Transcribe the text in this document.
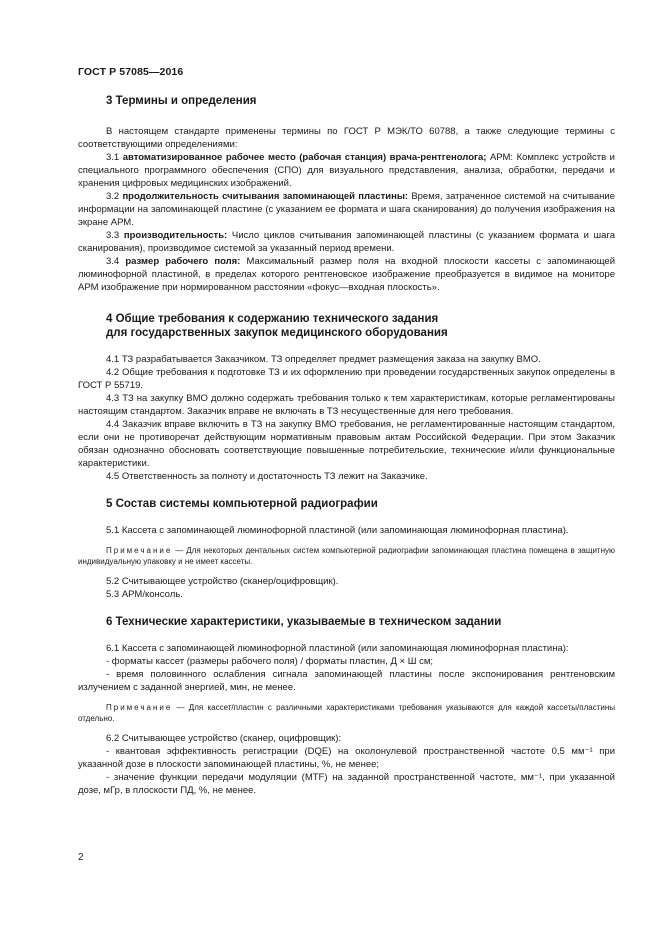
ГОСТ Р 57085—2016
3 Термины и определения

В настоящем стандарте применены термины по ГОСТ Р МЭК/ТО 60788, а также следующие термины с соответствующими определениями:

3.1 автоматизированное рабочее место (рабочая станция) врача-рентгенолога; АРМ: Комплекс устройств и специального программного обеспечения (СПО) для визуального представления, анализа, обработки, передачи и хранения цифровых медицинских изображений.

3.2 продолжительность считывания запоминающей пластины: Время, затраченное системой на считывание информации на запоминающей пластине (с указанием ее формата и шага сканирования) до получения изображения на экране АРМ.

3.3 производительность: Число циклов считывания запоминающей пластины (с указанием формата и шага сканирования), производимое системой за указанный период времени.

3.4 размер рабочего поля: Максимальный размер поля на входной плоскости кассеты с запоминающей люминофорной пластиной, в пределах которого рентгеновское изображение преобразуется в видимое на мониторе АРМ изображение при нормированном расстоянии «фокус—входная плоскость».

4 Общие требования к содержанию технического задания
для государственных закупок медицинского оборудования

4.1 ТЗ разрабатывается Заказчиком. ТЗ определяет предмет размещения заказа на закупку ВМО.

4.2 Общие требования к подготовке ТЗ и их оформлению при проведении государственных закупок определены в ГОСТ Р 55719.

4.3 ТЗ на закупку ВМО должно содержать требования только к тем характеристикам, которые регламентированы настоящим стандартом. Заказчик вправе не включать в ТЗ несущественные для него требования.

4.4 Заказчик вправе включить в ТЗ на закупку ВМО требования, не регламентированные настоящим стандартом, если они не противоречат действующим нормативным правовым актам Российской Федерации. При этом Заказчик обязан однозначно обосновать соответствующие повышенные потребительские, технические и/или функциональные характеристики.

4.5 Ответственность за полноту и достаточность ТЗ лежит на Заказчике.

5 Состав системы компьютерной радиографии

5.1 Кассета с запоминающей люминофорной пластиной (или запоминающая люминофорная пластина).

Примечание — Для некоторых дентальных систем компьютерной радиографии запоминающая пластина помещена в защитную индивидуальную упаковку и не имеет кассеты.

5.2 Считывающее устройство (сканер/оцифровщик).

5.3 АРМ/консоль.

6 Технические характеристики, указываемые в техническом задании

6.1 Кассета с запоминающей люминофорной пластиной (или запоминающая люминофорная пластина):

- форматы кассет (размеры рабочего поля) / форматы пластин, Д × Ш см;

- время половинного ослабления сигнала запоминающей пластины после экспонирования рентгеновским излучением с заданной энергией, мин, не менее.

Примечание — Для кассет/пластин с различными характеристиками требования указываются для каждой кассеты/пластины отдельно.

6.2 Считывающее устройство (сканер, оцифровщик):

- квантовая эффективность регистрации (DQE) на околонулевой пространственной частоте 0,5 мм⁻¹ при указанной дозе в плоскости запоминающей пластины, %, не менее;

- значение функции передачи модуляции (MTF) на заданной пространственной частоте, мм⁻¹, при указанной дозе, мГр, в плоскости ПД, %, не менее.

2
